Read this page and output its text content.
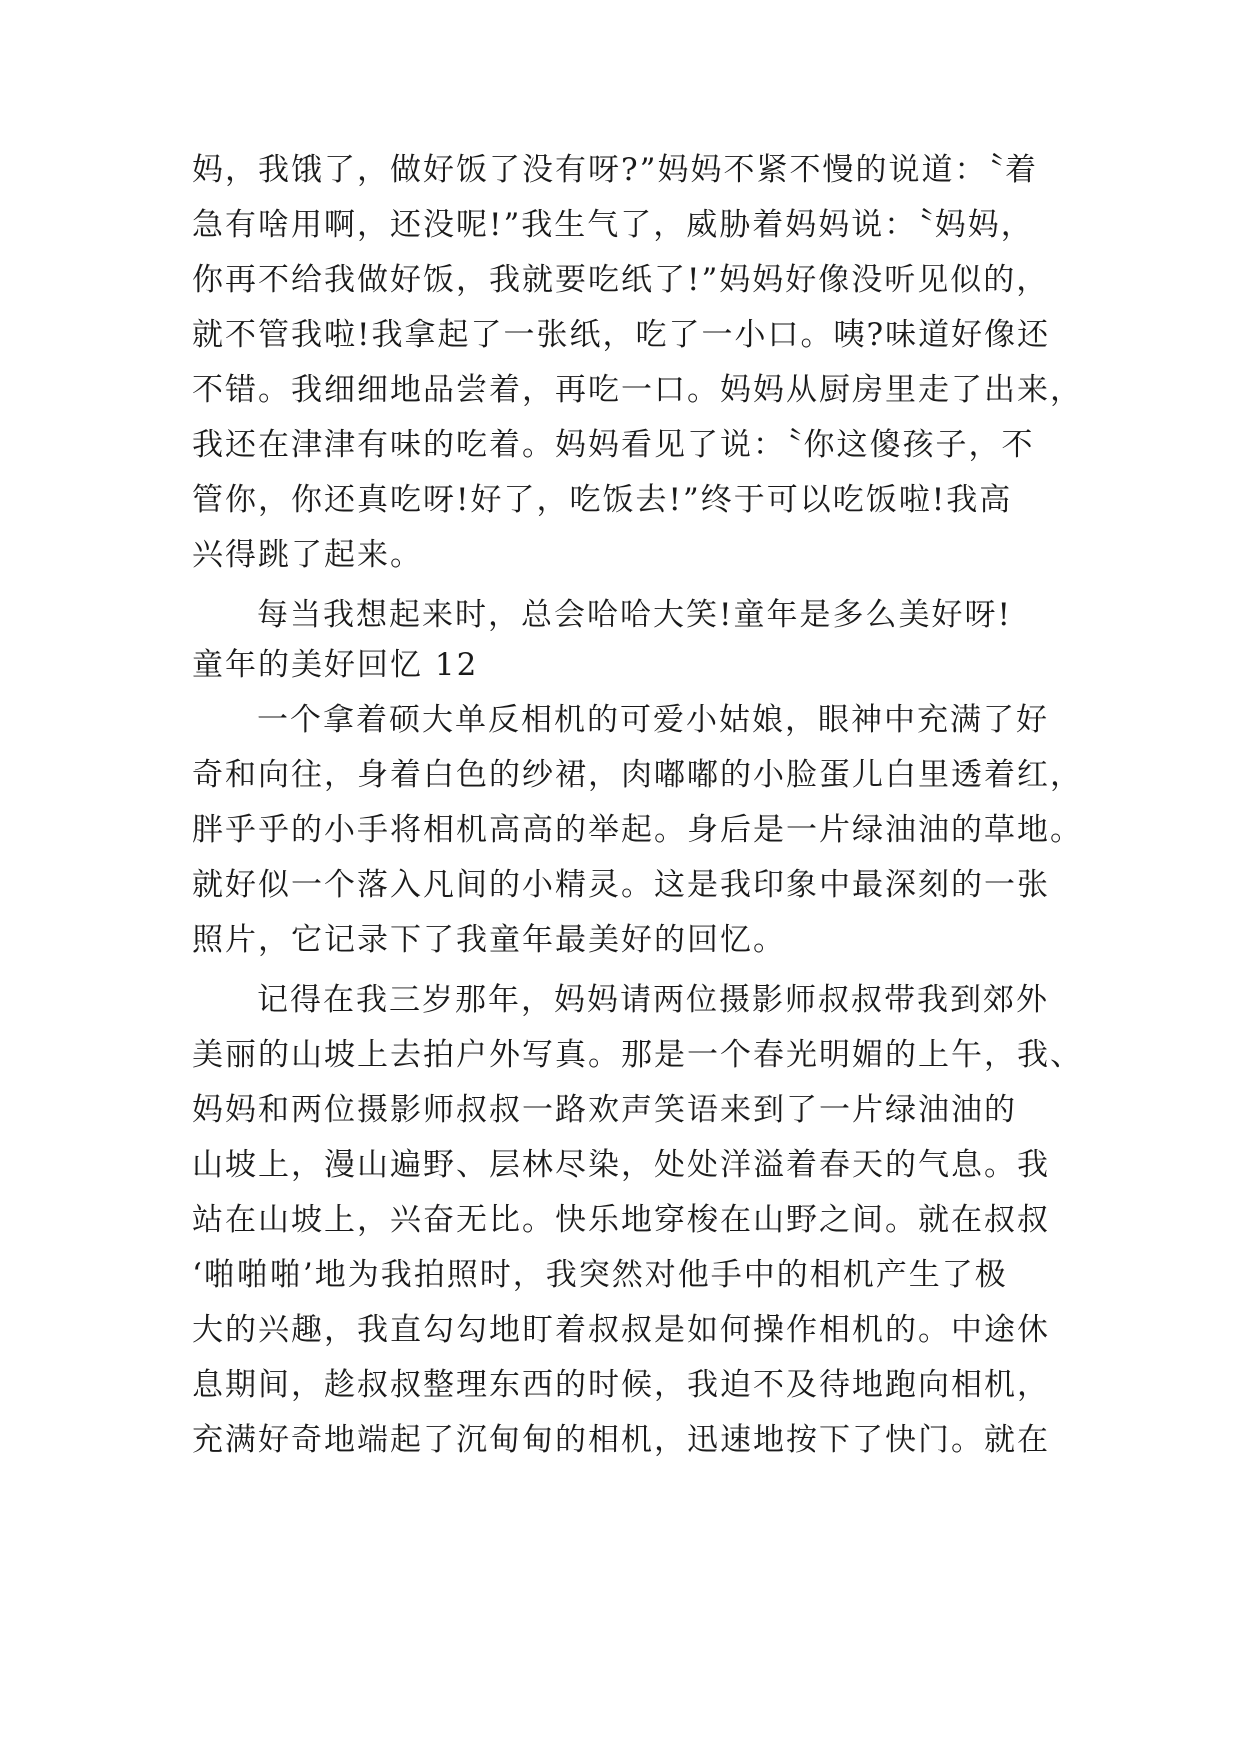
妈，我饿了，做好饭了没有呀?”妈妈不紧不慢的说道：〝着
急有啥用啊，还没呢!”我生气了，威胁着妈妈说：〝妈妈，
你再不给我做好饭，我就要吃纸了!”妈妈好像没听见似的，
就不管我啦!我拿起了一张纸，吃了一小口。咦?味道好像还
不错。我细细地品尝着，再吃一口。妈妈从厨房里走了出来，
我还在津津有味的吃着。妈妈看见了说：〝你这傻孩子，不
管你，你还真吃呀!好了，吃饭去!”终于可以吃饭啦!我高
兴得跳了起来。
每当我想起来时，总会哈哈大笑!童年是多么美好呀!
童年的美好回忆 12
一个拿着硕大单反相机的可爱小姑娘，眼神中充满了好
奇和向往，身着白色的纱裙，肉嘟嘟的小脸蛋儿白里透着红，
胖乎乎的小手将相机高高的举起。身后是一片绿油油的草地。
就好似一个落入凡间的小精灵。这是我印象中最深刻的一张
照片，它记录下了我童年最美好的回忆。
记得在我三岁那年，妈妈请两位摄影师叔叔带我到郊外
美丽的山坡上去拍户外写真。那是一个春光明媚的上午，我、
妈妈和两位摄影师叔叔一路欢声笑语来到了一片绿油油的
山坡上，漫山遍野、层林尽染，处处洋溢着春天的气息。我
站在山坡上，兴奋无比。快乐地穿梭在山野之间。就在叔叔
‘啪啪啪’地为我拍照时，我突然对他手中的相机产生了极
大的兴趣，我直勾勾地盯着叔叔是如何操作相机的。中途休
息期间，趁叔叔整理东西的时候，我迫不及待地跑向相机，
充满好奇地端起了沉甸甸的相机，迅速地按下了快门。就在
